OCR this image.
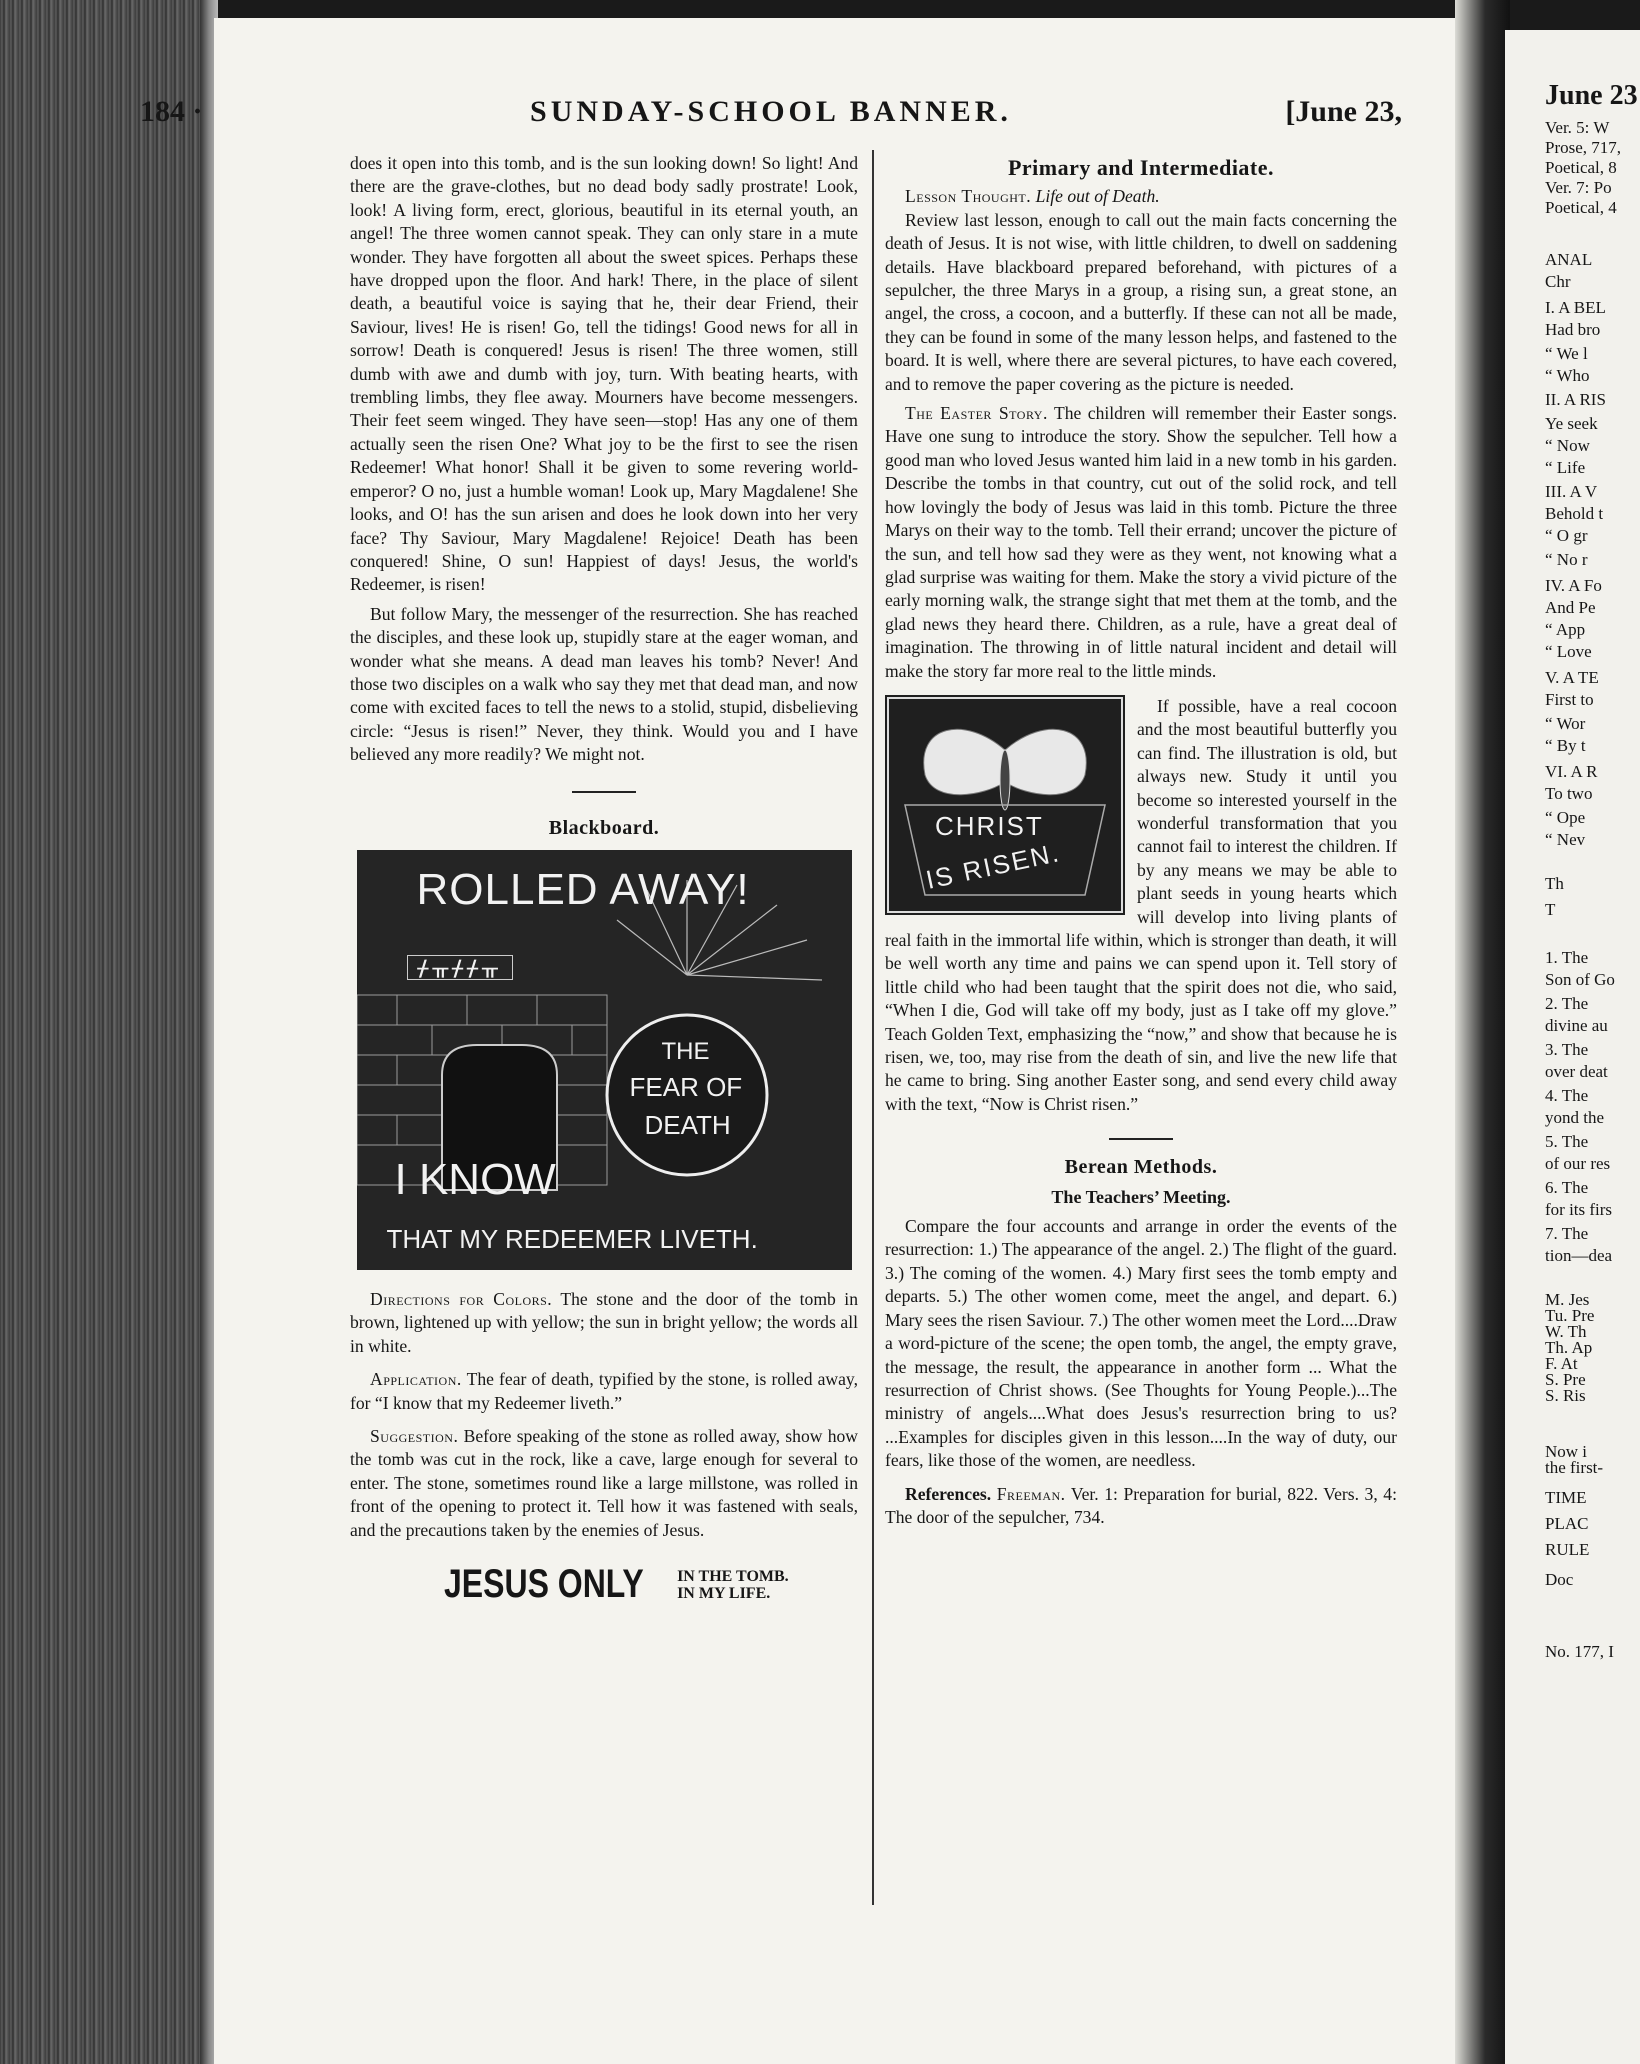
June 23
Ver. 5: W
Prose, 717,
Poetical, 8
Ver. 7: Po
Poetical, 4
ANAL
Chr
I. A BEL
Had bro
“ We l
“ Who
II. A RIS
Ye seek
“ Now
“ Life
III. A V
Behold t
“ O gr
“ No r
IV. A Fo
And Pe
“ App
“ Love
V. A TE
First to
“ Wor
“ By t
VI. A R
To two
“ Ope
“ Nev
Th
T
1. The
Son of Go
2. The
divine au
3. The
over deat
4. The
yond the
5. The
of our res
6. The
for its firs
7. The
tion—dea
M. Jes
Tu. Pre
W. Th
Th. Ap
F. At
S. Pre
S. Ris
Now i
the first-
TIME
PLAC
RULE
Doc
No. 177, I
184 ·	SUNDAY-SCHOOL BANNER.	[June 23,

does it open into this tomb, and is the sun looking down! So light! And there are the grave-clothes, but no dead body sadly prostrate! Look, look! A living form, erect, glorious, beautiful in its eternal youth, an angel! The three women cannot speak. They can only stare in a mute wonder. They have forgotten all about the sweet spices. Perhaps these have dropped upon the floor. And hark! There, in the place of silent death, a beautiful voice is saying that he, their dear Friend, their Saviour, lives! He is risen! Go, tell the tidings! Good news for all in sorrow! Death is conquered! Jesus is risen! The three women, still dumb with awe and dumb with joy, turn. With beating hearts, with trembling limbs, they flee away. Mourners have become messengers. Their feet seem winged. They have seen—stop! Has any one of them actually seen the risen One? What joy to be the first to see the risen Redeemer! What honor! Shall it be given to some revering world-emperor? O no, just a humble woman! Look up, Mary Magdalene! She looks, and O! has the sun arisen and does he look down into her very face? Thy Saviour, Mary Magdalene! Rejoice! Death has been conquered! Shine, O sun! Happiest of days! Jesus, the world's Redeemer, is risen!

But follow Mary, the messenger of the resurrection. She has reached the disciples, and these look up, stupidly stare at the eager woman, and wonder what she means. A dead man leaves his tomb? Never! And those two disciples on a walk who say they met that dead man, and now come with excited faces to tell the news to a stolid, stupid, disbelieving circle: “Jesus is risen!” Never, they think. Would you and I have believed any more readily? We might not.

Blackboard.
ROLLED AWAY!
ᚋᚂᚋᚋᚂ
THE
FEAR OF
DEATH
I KNOW
THAT MY REDEEMER LIVETH.

Directions for Colors. The stone and the door of the tomb in brown, lightened up with yellow; the sun in bright yellow; the words all in white.

Application. The fear of death, typified by the stone, is rolled away, for “I know that my Redeemer liveth.”

Suggestion. Before speaking of the stone as rolled away, show how the tomb was cut in the rock, like a cave, large enough for several to enter. The stone, sometimes round like a large millstone, was rolled in front of the opening to protect it. Tell how it was fastened with seals, and the precautions taken by the enemies of Jesus.

JESUS ONLY IN THE TOMB.
IN MY LIFE.
Primary and Intermediate.

Lesson Thought. Life out of Death.

Review last lesson, enough to call out the main facts concerning the death of Jesus. It is not wise, with little children, to dwell on saddening details. Have blackboard prepared beforehand, with pictures of a sepulcher, the three Marys in a group, a rising sun, a great stone, an angel, the cross, a cocoon, and a butterfly. If these can not all be made, they can be found in some of the many lesson helps, and fastened to the board. It is well, where there are several pictures, to have each covered, and to remove the paper covering as the picture is needed.

The Easter Story. The children will remember their Easter songs. Have one sung to introduce the story. Show the sepulcher. Tell how a good man who loved Jesus wanted him laid in a new tomb in his garden. Describe the tombs in that country, cut out of the solid rock, and tell how lovingly the body of Jesus was laid in this tomb. Picture the three Marys on their way to the tomb. Tell their errand; uncover the picture of the sun, and tell how sad they were as they went, not knowing what a glad surprise was waiting for them. Make the story a vivid picture of the early morning walk, the strange sight that met them at the tomb, and the glad news they heard there. Children, as a rule, have a great deal of imagination. The throwing in of little natural incident and detail will make the story far more real to the little minds.

CHRIST
IS RISEN.

If possible, have a real cocoon and the most beautiful butterfly you can find. The illustration is old, but always new. Study it until you become so interested yourself in the wonderful transformation that you cannot fail to interest the children. If by any means we may be able to plant seeds in young hearts which will develop into living plants of real faith in the immortal life within, which is stronger than death, it will be well worth any time and pains we can spend upon it. Tell story of little child who had been taught that the spirit does not die, who said, “When I die, God will take off my body, just as I take off my glove.” Teach Golden Text, emphasizing the “now,” and show that because he is risen, we, too, may rise from the death of sin, and live the new life that he came to bring. Sing another Easter song, and send every child away with the text, “Now is Christ risen.”

Berean Methods.
The Teachers’ Meeting.

Compare the four accounts and arrange in order the events of the resurrection: 1.) The appearance of the angel. 2.) The flight of the guard. 3.) The coming of the women. 4.) Mary first sees the tomb empty and departs. 5.) The other women come, meet the angel, and depart. 6.) Mary sees the risen Saviour. 7.) The other women meet the Lord....Draw a word-picture of the scene; the open tomb, the angel, the empty grave, the message, the result, the appearance in another form ... What the resurrection of Christ shows. (See Thoughts for Young People.)...The ministry of angels....What does Jesus's resurrection bring to us? ...Examples for disciples given in this lesson....In the way of duty, our fears, like those of the women, are needless.

References. Freeman. Ver. 1: Preparation for burial, 822. Vers. 3, 4: The door of the sepulcher, 734.
